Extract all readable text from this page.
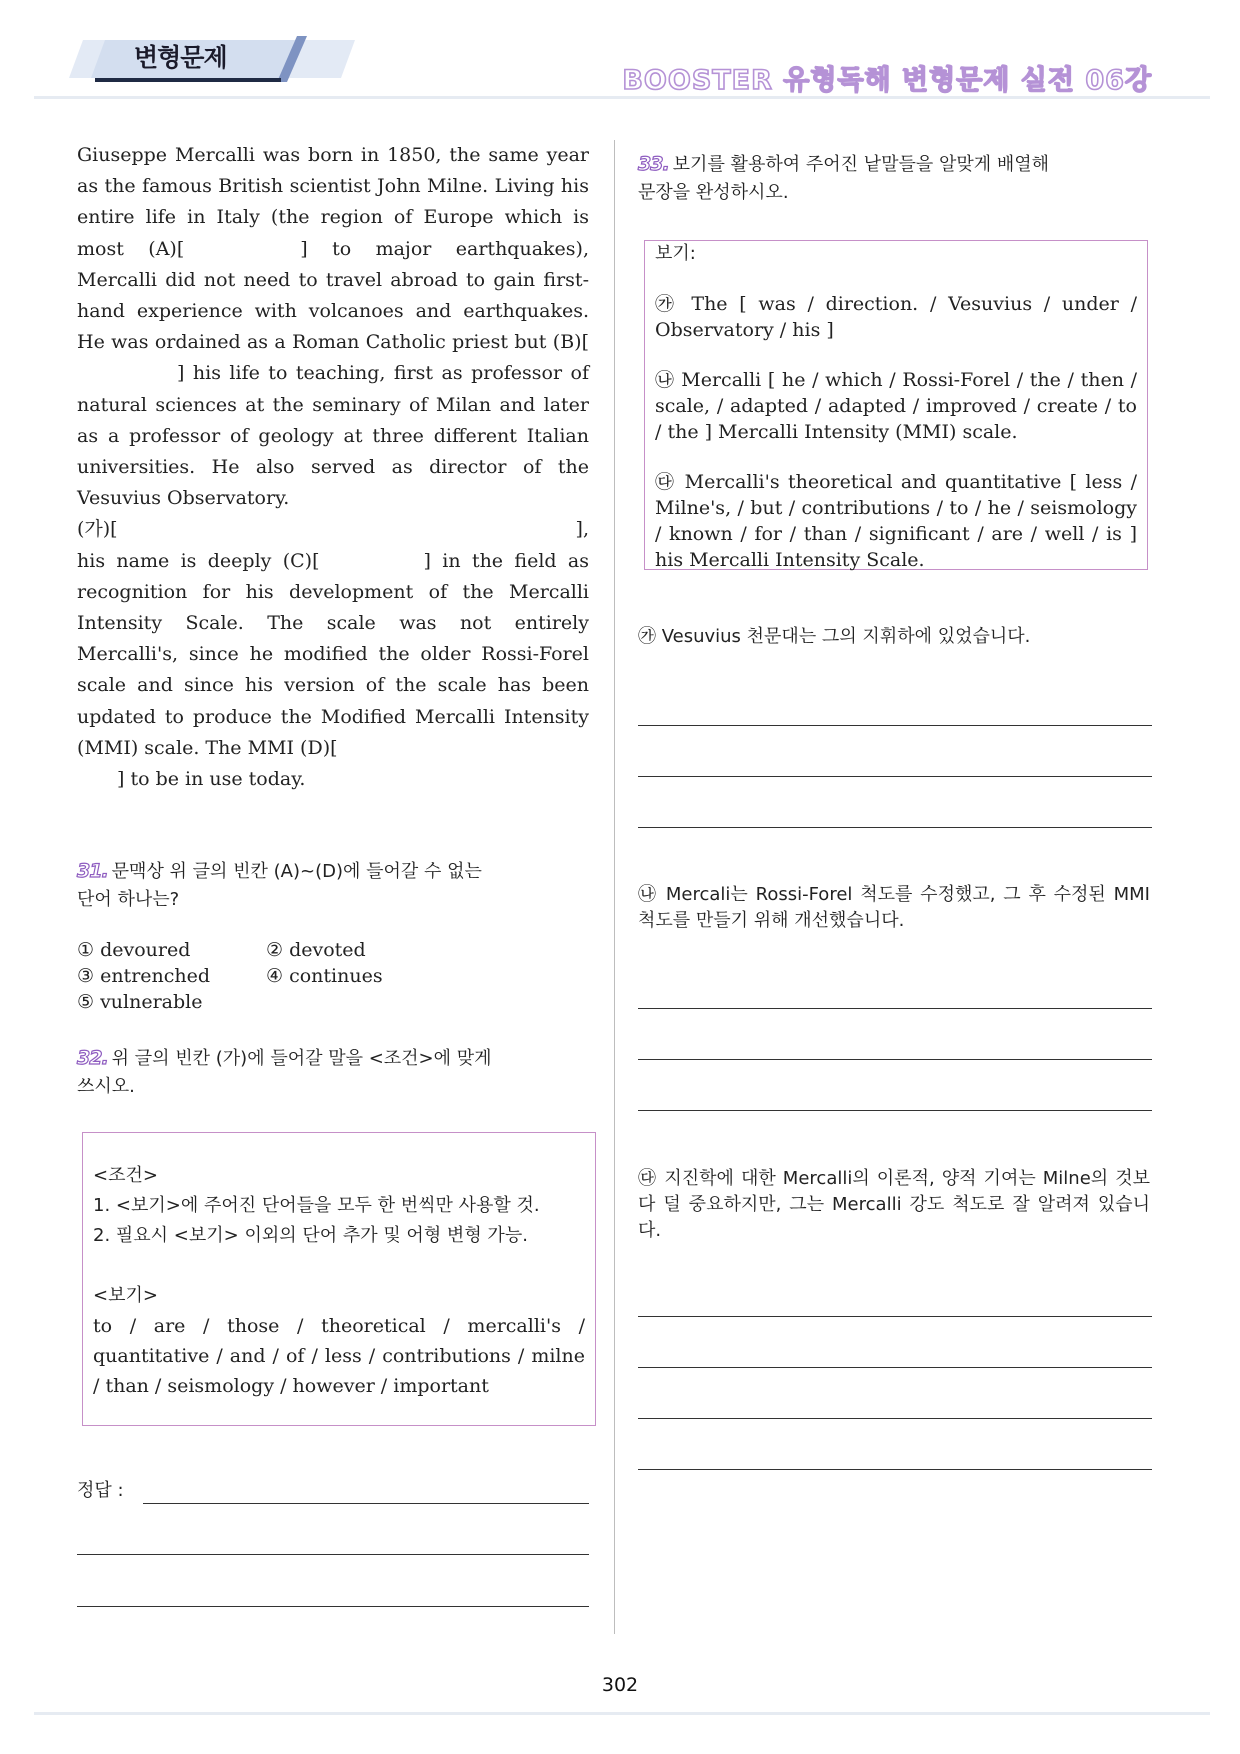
변형문제
BOOSTER 유형독해 변형문제 실전 06강

Giuseppe Mercalli was born in 1850, the same year as the famous British scientist John Milne. Living his entire life in Italy (the region of Europe which is most (A)[	] to major earthquakes), Mercalli did not need to travel abroad to gain first-hand experience with volcanoes and earthquakes. He was ordained as a Roman Catholic priest but (B)[] his life to teaching, first as professor of natural sciences at the seminary of Milan and later as a professor of geology at three different Italian universities. He also served as director of the Vesuvius Observatory.

(가)[	],

his name is deeply (C)[	] in the field as recognition for his development of the Mercalli Intensity Scale. The scale was not entirely Mercalli's, since he modified the older Rossi-Forel scale and since his version of the scale has been updated to produce the Modified Mercalli Intensity (MMI) scale. The MMI (D)[
] to be in use today.

31. 문맥상 위 글의 빈칸 (A)~(D)에 들어갈 수 없는
단어 하나는?
① devoured	② devoted
③ entrenched	④ continues
⑤ vulnerable
32. 위 글의 빈칸 (가)에 들어갈 말을 <조건>에 맞게
쓰시오.
<조건>
1. <보기>에 주어진 단어들을 모두 한 번씩만 사용할 것.
2. 필요시 <보기> 이외의 단어 추가 및 어형 변형 가능.
<보기>
to / are / those / theoretical / mercalli's / quantitative / and / of / less / contributions / milne / than / seismology / however / important
정답 :
33. 보기를 활용하여 주어진 낱말들을 알맞게 배열해
문장을 완성하시오.
보기:
㉮ The [ was / direction. / Vesuvius / under / Observatory / his ]
㉯ Mercalli [ he / which / Rossi-Forel / the / then / scale, / adapted / adapted / improved / create / to / the ] Mercalli Intensity (MMI) scale.
㉰ Mercalli's theoretical and quantitative [ less / Milne's, / but / contributions / to / he / seismology / known / for / than / significant / are / well / is ] his Mercalli Intensity Scale.
㉮ Vesuvius 천문대는 그의 지휘하에 있었습니다.
㉯ Mercali는 Rossi-Forel 척도를 수정했고, 그 후 수정된 MMI 척도를 만들기 위해 개선했습니다.
㉰ 지진학에 대한 Mercalli의 이론적, 양적 기여는 Milne의 것보다 덜 중요하지만, 그는 Mercalli 강도 척도로 잘 알려져 있습니다.
302
